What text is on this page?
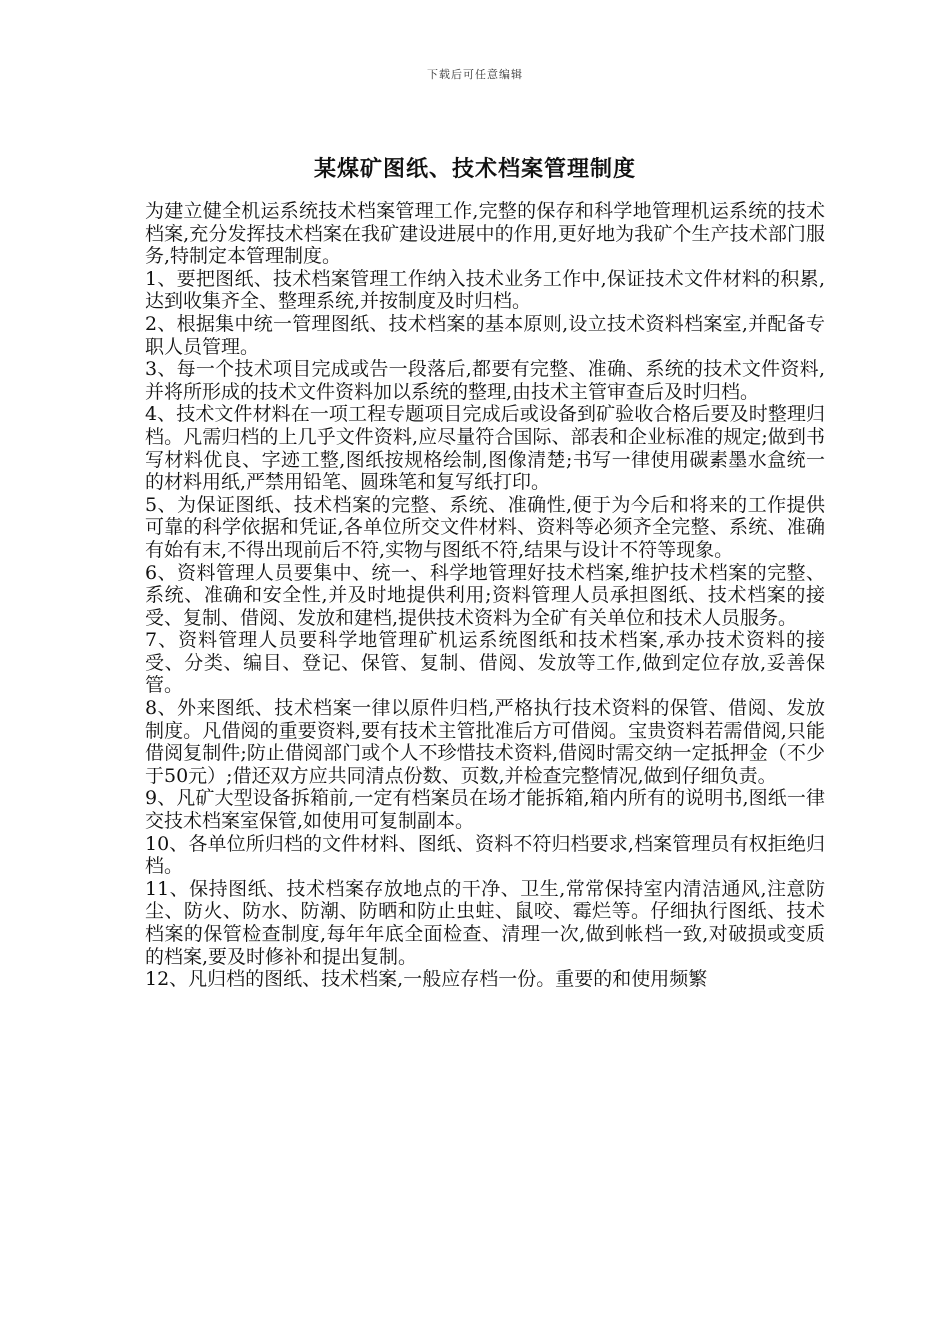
下载后可任意编辑
某煤矿图纸、技术档案管理制度

为建立健全机运系统技术档案管理工作,完整的保存和科学地管理机运系统的技术档案,充分发挥技术档案在我矿建设进展中的作用,更好地为我矿个生产技术部门服务,特制定本管理制度。

1、要把图纸、技术档案管理工作纳入技术业务工作中,保证技术文件材料的积累,达到收集齐全、整理系统,并按制度及时归档。

2、根据集中统一管理图纸、技术档案的基本原则,设立技术资料档案室,并配备专职人员管理。

3、每一个技术项目完成或告一段落后,都要有完整、准确、系统的技术文件资料,并将所形成的技术文件资料加以系统的整理,由技术主管审查后及时归档。

4、技术文件材料在一项工程专题项目完成后或设备到矿验收合格后要及时整理归档。凡需归档的上几乎文件资料,应尽量符合国际、部表和企业标准的规定;做到书写材料优良、字迹工整,图纸按规格绘制,图像清楚;书写一律使用碳素墨水盒统一的材料用纸,严禁用铅笔、圆珠笔和复写纸打印。

5、为保证图纸、技术档案的完整、系统、准确性,便于为今后和将来的工作提供可靠的科学依据和凭证,各单位所交文件材料、资料等必须齐全完整、系统、准确有始有末,不得出现前后不符,实物与图纸不符,结果与设计不符等现象。

6、资料管理人员要集中、统一、科学地管理好技术档案,维护技术档案的完整、系统、准确和安全性,并及时地提供利用;资料管理人员承担图纸、技术档案的接受、复制、借阅、发放和建档,提供技术资料为全矿有关单位和技术人员服务。

7、资料管理人员要科学地管理矿机运系统图纸和技术档案,承办技术资料的接受、分类、编目、登记、保管、复制、借阅、发放等工作,做到定位存放,妥善保管。

8、外来图纸、技术档案一律以原件归档,严格执行技术资料的保管、借阅、发放制度。凡借阅的重要资料,要有技术主管批准后方可借阅。宝贵资料若需借阅,只能借阅复制件;防止借阅部门或个人不珍惜技术资料,借阅时需交纳一定抵押金（不少于50元）;借还双方应共同清点份数、页数,并检查完整情况,做到仔细负责。

9、凡矿大型设备拆箱前,一定有档案员在场才能拆箱,箱内所有的说明书,图纸一律交技术档案室保管,如使用可复制副本。

10、各单位所归档的文件材料、图纸、资料不符归档要求,档案管理员有权拒绝归档。

11、保持图纸、技术档案存放地点的干净、卫生,常常保持室内清洁通风,注意防尘、防火、防水、防潮、防晒和防止虫蛀、鼠咬、霉烂等。仔细执行图纸、技术档案的保管检查制度,每年年底全面检查、清理一次,做到帐档一致,对破损或变质的档案,要及时修补和提出复制。

12、凡归档的图纸、技术档案,一般应存档一份。重要的和使用频繁
